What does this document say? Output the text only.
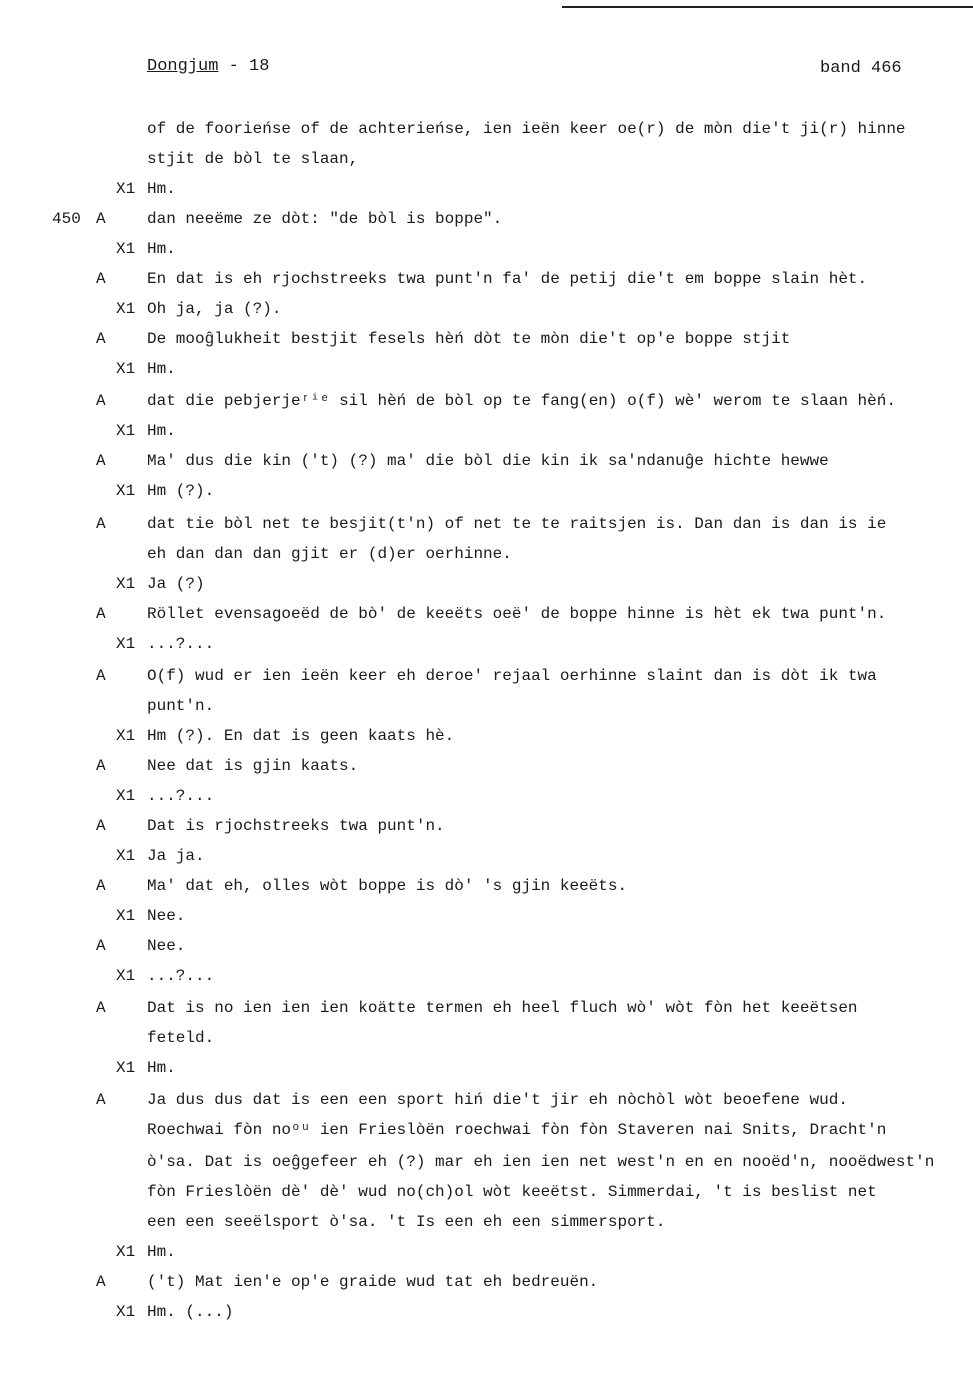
Dongjum - 18	band 466
of de foorieńse of de achterieńse, ien ieën keer oe(r) de mòn die't ji(r) hinne
stjit de bòl te slaan,
X1 Hm.
450 A	dan neeëme ze dòt: "de bòl is boppe".
X1 Hm.
A	En dat is eh rjochstreeks twa punt'n fa' de petij die't em boppe slain hèt.
X1 Oh ja, ja (?).
A	De mooĝlukheit bestjit fesels hèń dòt te mòn die't op'e boppe stjit
X1 Hm.
A	dat die pebjerjeʳⁱᵉ sil hèń de bòl op te fang(en) o(f) wè' werom te slaan hèń.
X1 Hm.
A	Ma' dus die kin ('t) (?) ma' die bòl die kin ik sa'ndanuĝe hichte hewwe
X1 Hm (?).
A	dat tie bòl net te besjit(t'n) of net te te raitsjen is. Dan dan is dan is ie
eh dan dan dan gjit er (d)er oerhinne.
X1 Ja (?)
A	Röllet evensagoeëd de bò' de keeëts oeë' de boppe hinne is hèt ek twa punt'n.
X1 ...?...
A	O(f) wud er ien ieën keer eh deroe' rejaal oerhinne slaint dan is dòt ik twa
punt'n.
X1 Hm (?). En dat is geen kaats hè.
A	Nee dat is gjin kaats.
X1 ...?...
A	Dat is rjochstreeks twa punt'n.
X1 Ja ja.
A	Ma' dat eh, olles wòt boppe is dò' 's gjin keeëts.
X1 Nee.
A	Nee.
X1 ...?...
A	Dat is no ien ien ien koätte termen eh heel fluch wò' wòt fòn het keeëtsen
feteld.
X1 Hm.
A	Ja dus dus dat is een een sport hiń die't jir eh nòchòl wòt beoefene wud.
Roechwai fòn noᵒᵘ ien Frieslòën roechwai fòn fòn Staveren nai Snits, Dracht'n
ò'sa. Dat is oeĝgefeer eh (?) mar eh ien ien net west'n en en nooëd'n, nooëdwest'n
fòn Frieslòën dè' dè' wud no(ch)ol wòt keeëtst. Simmerdai, 't is beslist net
een een seeëlsport ò'sa. 't Is een eh een simmersport.
X1 Hm.
A	('t) Mat ien'e op'e graide wud tat eh bedreuën.
X1 Hm. (...)
